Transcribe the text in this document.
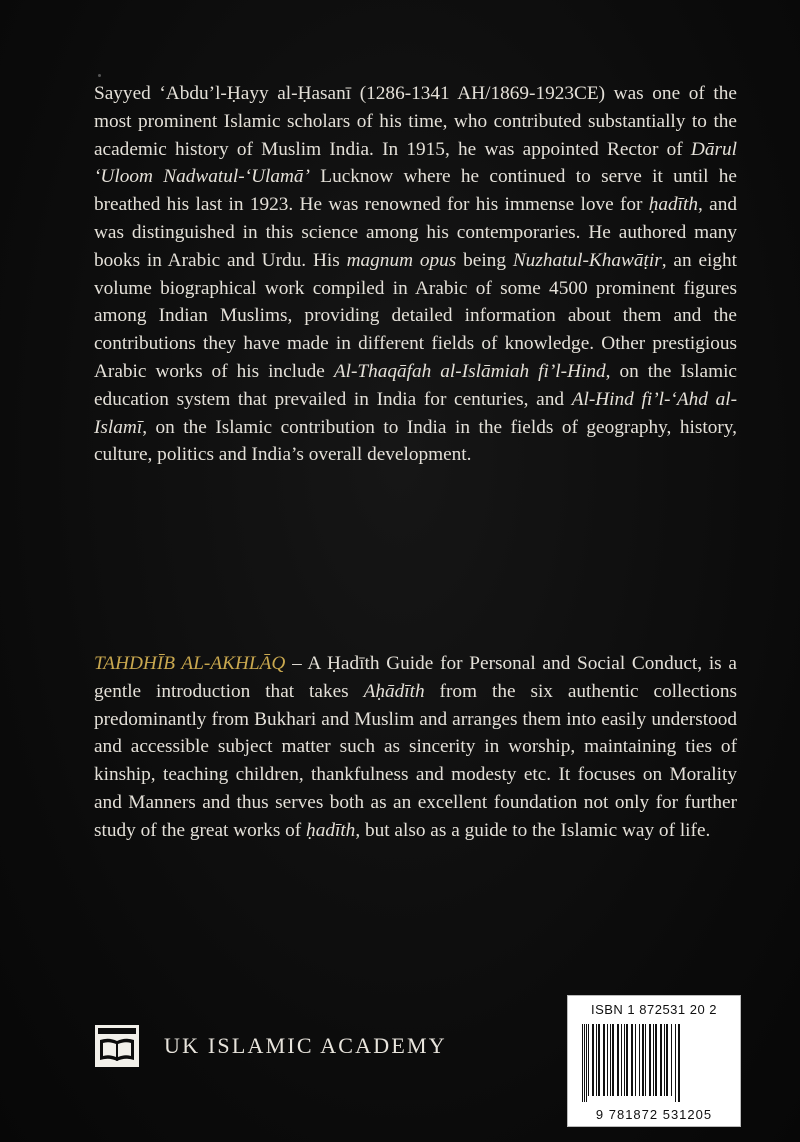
Sayyed ‘Abdu’l-Ḥayy al-Ḥasanī (1286-1341 AH/1869-1923CE) was one of the most prominent Islamic scholars of his time, who contributed substantially to the academic history of Muslim India. In 1915, he was appointed Rector of Dārul ‘Uloom Nadwatul-‘Ulamā’ Lucknow where he continued to serve it until he breathed his last in 1923. He was renowned for his immense love for ḥadīth, and was distinguished in this science among his contemporaries. He authored many books in Arabic and Urdu. His magnum opus being Nuzhatul-Khawāṭir, an eight volume biographical work compiled in Arabic of some 4500 prominent figures among Indian Muslims, providing detailed information about them and the contributions they have made in different fields of knowledge. Other prestigious Arabic works of his include Al-Thaqāfah al-Islāmiah fi’l-Hind, on the Islamic education system that prevailed in India for centuries, and Al-Hind fi’l-‘Ahd al-Islamī, on the Islamic contribution to India in the fields of geography, history, culture, politics and India’s overall development.

TAHDHĪB AL-AKHLĀQ – A Ḥadīth Guide for Personal and Social Conduct, is a gentle introduction that takes Aḥādīth from the six authentic collections predominantly from Bukhari and Muslim and arranges them into easily understood and accessible subject matter such as sincerity in worship, maintaining ties of kinship, teaching children, thankfulness and modesty etc. It focuses on Morality and Manners and thus serves both as an excellent foundation not only for further study of the great works of ḥadīth, but also as a guide to the Islamic way of life.

UK ISLAMIC ACADEMY
ISBN 1 872531 20 2
9 781872 531205
